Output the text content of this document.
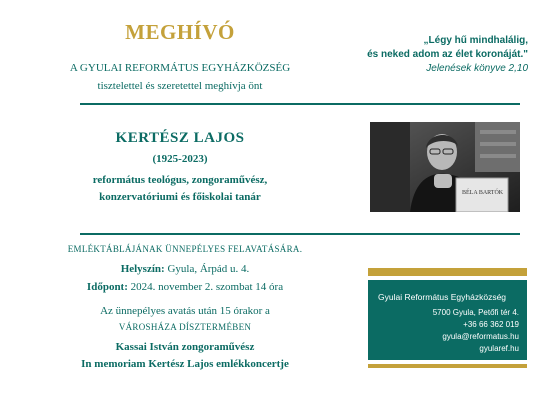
MEGHÍVÓ
A GYULAI REFORMÁTUS EGYHÁZKÖZSÉG
tisztelettel és szeretettel meghívja önt
„Légy hű mindhalálig,
és neked adom az élet koronáját."
Jelenések könyve 2,10
KERTÉSZ LAJOS
(1925-2023)
református teológus, zongoraművész,
konzervatóriumi és főiskolai tanár	BÉLA BARTÓK
EMLÉKTÁBLÁJÁNAK ÜNNEPÉLYES FELAVATÁSÁRA.
Helyszín: Gyula, Árpád u. 4.
Időpont: 2024. november 2. szombat 14 óra
Az ünnepélyes avatás után 15 órakor a
VÁROSHÁZA DÍSZTERMÉBEN
Kassai István zongoraművész
In memoriam Kertész Lajos emlékkoncertje
Gyulai Református Egyházközség
5700 Gyula, Petőfi tér 4.
+36 66 362 019
gyula@reformatus.hu
gyularef.hu
